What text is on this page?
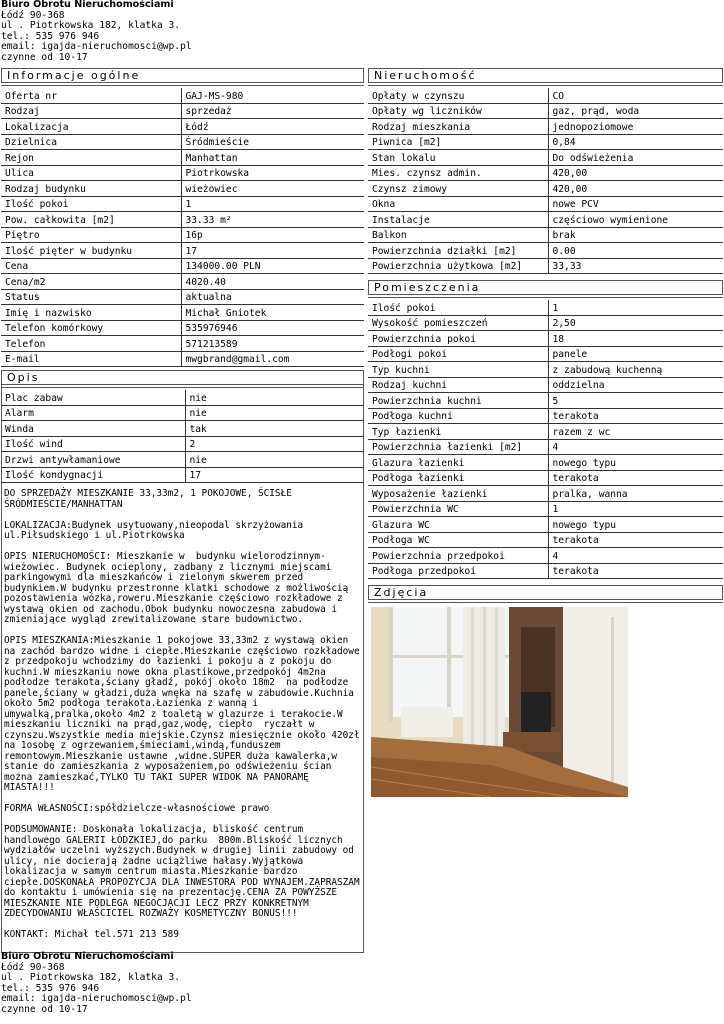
Biuro Obrotu Nieruchomościami
Łódź 90-368
ul . Piotrkowska 182, klatka 3.
tel.: 535 976 946
email: igajda-nieruchomosci@wp.pl
czynne od 10-17
Informacje ogólne
Oferta nr	GAJ-MS-980
Rodzaj	sprzedaż
Lokalizacja	Łódź
Dzielnica	Śródmieście
Rejon	Manhattan
Ulica	Piotrkowska
Rodzaj budynku	wieżowiec
Ilość pokoi	1
Pow. całkowita [m2]	33.33 m²
Piętro	16p
Ilość pięter w budynku	17
Cena	134000.00 PLN
Cena/m2	4020.40
Status	aktualna
Imię i nazwisko	Michał Gniotek
Telefon komórkowy	535976946
Telefon	571213589
E-mail	mwgbrand@gmail.com
Opis
Plac zabaw	nie
Alarm	nie
Winda	tak
Ilość wind	2
Drzwi antywłamaniowe	nie
Ilość kondygnacji	17
DO SPRZEDAŻY MIESZKANIE 33,33m2, 1 POKOJOWE, ŚCISŁE ŚRÓDMIEŚCIE/MANHATTAN

LOKALIZACJA:Budynek usytuowany,nieopodal skrzyżowania ul.Piłsudskiego i ul.Piotrkowska

OPIS NIERUCHOMOŚCI: Mieszkanie w  budynku wielorodzinnym-wieżowiec. Budynek ocieplony, zadbany z licznymi miejscami parkingowymi dla mieszkańców i zielonym skwerem przed budynkiem.W budynku przestronne klatki schodowe z możliwością pozostawienia wózka,roweru.Mieszkanie częściowo rozkładowe z wystawą okien od zachodu.Obok budynku nowoczesna zabudowa i zmieniające wygląd zrewitalizowane stare budownictwo.

OPIS MIESZKANIA:Mieszkanie 1 pokojowe 33,33m2 z wystawą okien na zachód bardzo widne i ciepłe.Mieszkanie częściowo rozkładowe z przedpokoju wchodzimy do łazienki i pokoju a z pokoju do kuchni.W mieszkaniu nowe okna plastikowe,przedpokój 4m2na podłodze terakota,ściany gładź, pokój około 18m2  na podłodze panele,ściany w gładzi,duża wnęka na szafę w zabudowie.Kuchnia około 5m2 podłoga terakota.Łazienka z wanną i umywalką,pralka,około 4m2 z toaletą w glazurze i terakocie.W mieszkaniu liczniki na prąd,gaz,wodę, ciepło  ryczałt w czynszu.Wszystkie media miejskie.Czynsz miesięcznie około 420zł na 1osobę z ogrzewaniem,śmieciami,windą,funduszem remontowym.Mieszkanie ustawne ,widne.SUPER duża kawalerka,w stanie do zamieszkania z wyposażeniem,po odświeżeniu ścian można zamieszkać,TYLKO TU TAKI SUPER WIDOK NA PANORAMĘ MIASTA!!!

FORMA WŁASNOŚCI:spółdzielcze-własnościowe prawo

PODSUMOWANIE: Doskonała lokalizacja, bliskość centrum handlowego GALERII ŁÓDZKIEJ,do parku  800m.Bliskość licznych wydziałów uczelni wyższych.Budynek w drugiej linii zabudowy od ulicy, nie docierają żadne uciążliwe hałasy.Wyjątkowa lokalizacja w samym centrum miasta.Mieszkanie bardzo ciepłe.DOSKONAŁA PROPOZYCJA DLA INWESTORA POD WYNAJEM.ZAPRASZAM do kontaktu i umówienia się na prezentację.CENA ZA POWYŻSZE MIESZKANIE NIE PODLEGA NEGOCJACJI LECZ PRZY KONKRETNYM ZDECYDOWANIU WŁAŚCICIEL ROZWAŻY KOSMETYCZNY BONUS!!!

KONTAKT: Michał tel.571 213 589
Nieruchomość
Opłaty w czynszu	CO
Opłaty wg liczników	gaz, prąd, woda
Rodzaj mieszkania	jednopoziomowe
Piwnica [m2]	0,84
Stan lokalu	Do odświeżenia
Mies. czynsz admin.	420,00
Czynsz zimowy	420,00
Okna	nowe PCV
Instalacje	częściowo wymienione
Balkon	brak
Powierzchnia działki [m2]	0.00
Powierzchnia użytkowa [m2]	33,33
Pomieszczenia
Ilość pokoi	1
Wysokość pomieszczeń	2,50
Powierzchnia pokoi	18
Podłogi pokoi	panele
Typ kuchni	z zabudową kuchenną
Rodzaj kuchni	oddzielna
Powierzchnia kuchni	5
Podłoga kuchni	terakota
Typ łazienki	razem z wc
Powierzchnia łazienki [m2]	4
Glazura łazienki	nowego typu
Podłoga łazienki	terakota
Wyposażenie łazienki	pralka, wanna
Powierzchnia WC	1
Glazura WC	nowego typu
Podłoga WC	terakota
Powierzchnia przedpokoi	4
Podłoga przedpokoi	terakota
Zdjęcia
Biuro Obrotu Nieruchomościami
Łódź 90-368
ul . Piotrkowska 182, klatka 3.
tel.: 535 976 946
email: igajda-nieruchomosci@wp.pl
czynne od 10-17
